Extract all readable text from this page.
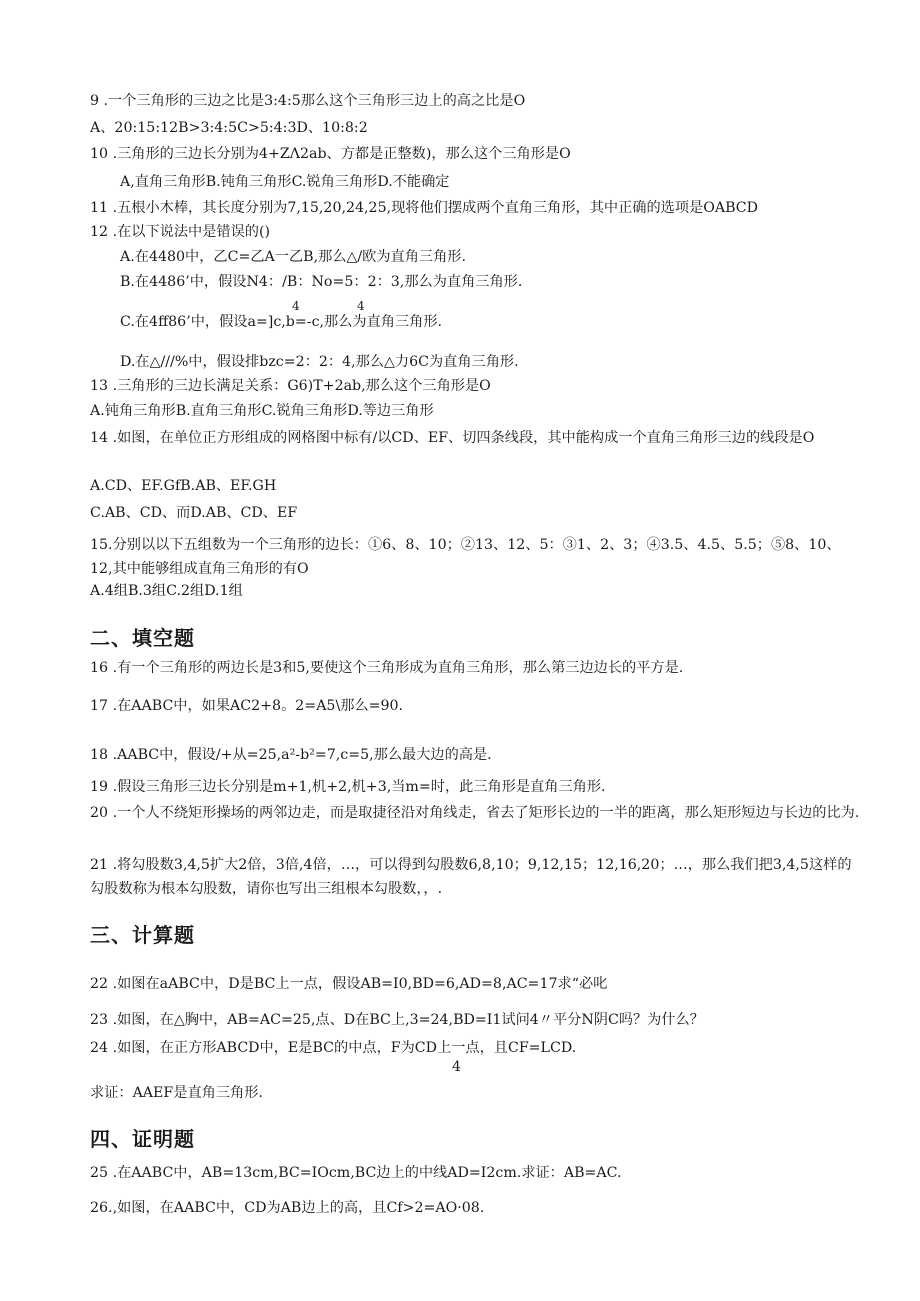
9 .一个三角形的三边之比是3:4:5那么这个三角形三边上的高之比是O
A、20:15:12B>3:4:5C>5:4:3D、10:8:2
10 .三角形的三边长分别为4+ZΛ2ab、方都是正整数)，那么这个三角形是O
A,直角三角形B.钝角三角形C.锐角三角形D.不能确定
11 .五根小木棒，其长度分别为7,15,20,24,25,现将他们摆成两个直角三角形，其中正确的选项是OABCD
12 .在以下说法中是错误的()
A.在4480中，乙C=乙A一乙B,那么△/欧为直角三角形.
B.在4486’中，假设N4：/B：No=5：2：3,那么为直角三角形.
4	4
C.在4ff86’中，假设a=]c,b=-c,那么为直角三角形.
D.在△///%中，假设排bzc=2：2：4,那么△力6C为直角三角形.
13 .三角形的三边长满足关系：G6)T+2ab,那么这个三角形是O
A.钝角三角形B.直角三角形C.锐角三角形D.等边三角形
14 .如图，在单位正方形组成的网格图中标有/以CD、EF、切四条线段，其中能构成一个直角三角形三边的线段是O
A.CD、EF.GfB.AB、EF.GH
C.AB、CD、而D.AB、CD、EF
15.分别以以下五组数为一个三角形的边长：①6、8、10；②13、12、5：③1、2、3；④3.5、4.5、5.5；⑤8、10、12,其中能够组成直角三角形的有O
A.4组B.3组C.2组D.1组
二、填空题
16 .有一个三角形的两边长是3和5,要使这个三角形成为直角三角形，那么第三边边长的平方是.
17 .在AABC中，如果AC2+8。2=A5\那么=90.
18 .AABC中，假设/+从=25,a²-b²=7,c=5,那么最大边的高是.
19 .假设三角形三边长分别是m+1,机+2,机+3,当m=时，此三角形是直角三角形.
20 .一个人不绕矩形操场的两邻边走，而是取捷径沿对角线走，省去了矩形长边的一半的距离，那么矩形短边与长边的比为.
21 .将勾股数3,4,5扩大2倍，3倍,4倍，…，可以得到勾股数6,8,10；9,12,15；12,16,20；…，那么我们把3,4,5这样的勾股数称为根本勾股数，请你也写出三组根本勾股数，，.
三、计算题
22 .如图在aABC中，D是BC上一点，假设AB=I0,BD=6,AD=8,AC=17求“必叱
23 .如图，在△胸中，AB=AC=25,点、D在BC上,3=24,BD=I1试问4〃平分N阴C吗？为什么？
24 .如图，在正方形ABCD中，E是BC的中点，F为CD上一点，且CF=LCD.
4
求证：AAEF是直角三角形.
四、证明题
25 .在AABC中，AB=13cm,BC=IOcm,BC边上的中线AD=I2cm.求证：AB=AC.
26.,如图，在AABC中，CD为AB边上的高，且Cf>2=AO·08.
